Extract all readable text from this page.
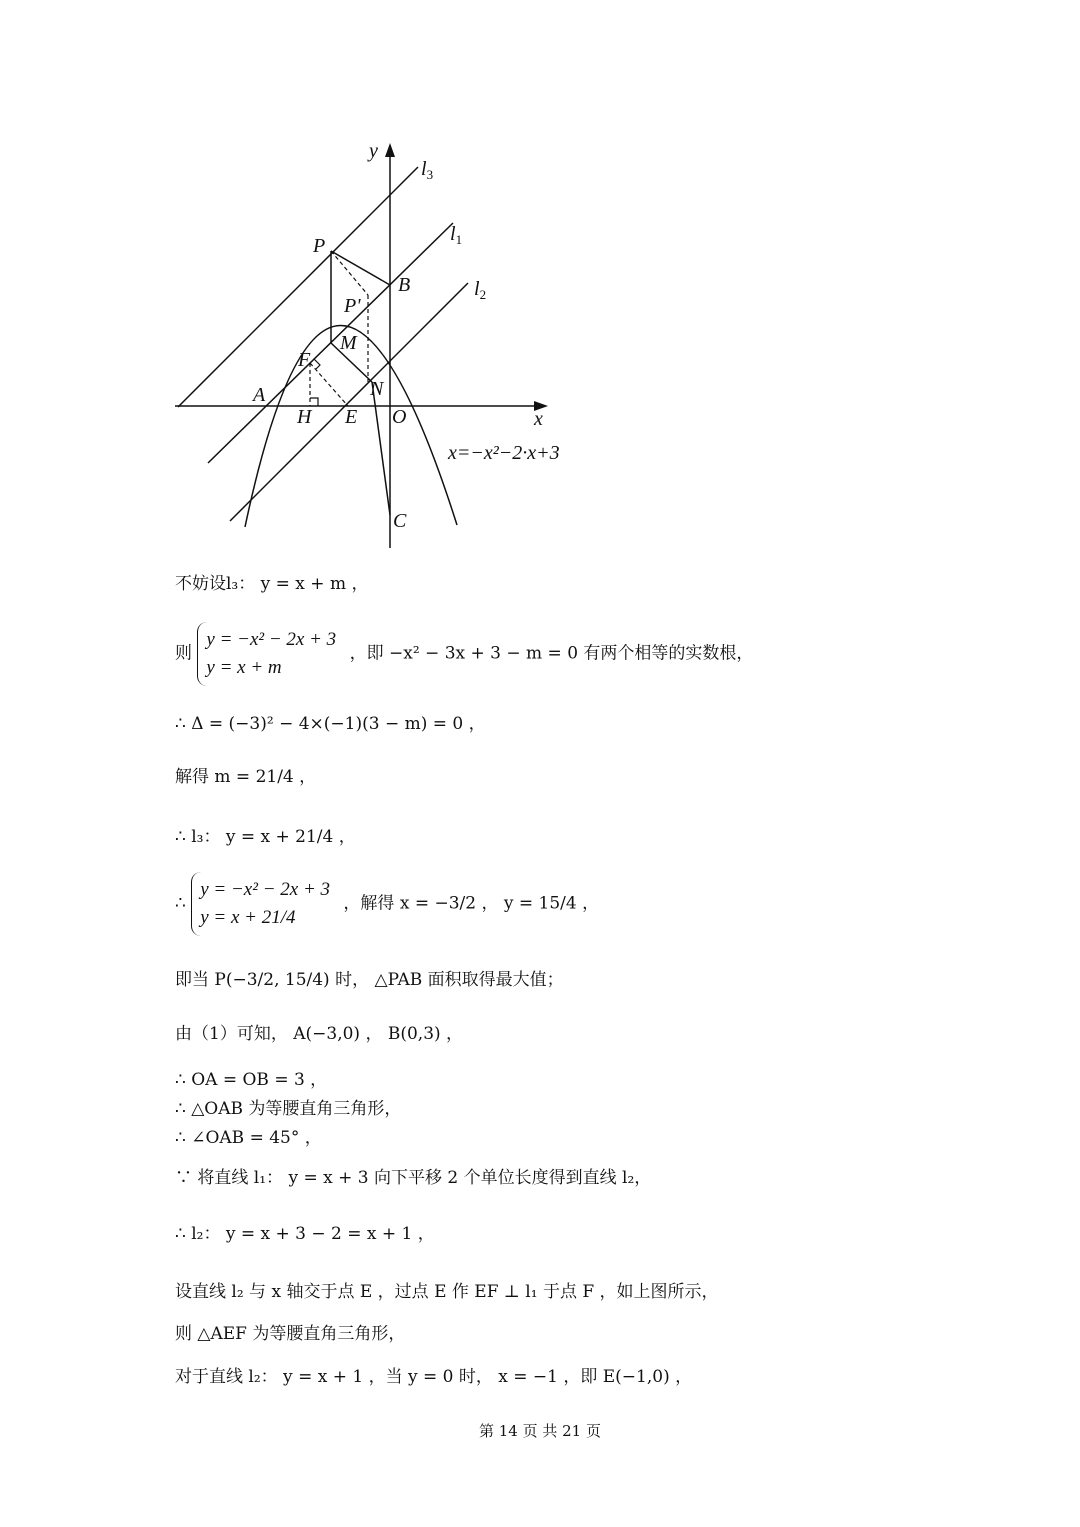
y
x
$l_3$
$l_1$
$l_2$
P
B
P'
M
F
N
A
H E O
C
x=−x²−2·x+3
不妨设l₃： y = x + m ，
则
y = −x² − 2x + 3
y = x + m
，即 −x² − 3x + 3 − m = 0 有两个相等的实数根，
∴ Δ = (−3)² − 4×(−1)(3 − m) = 0 ，
解得 m = 21/4 ，
∴ l₃： y = x + 21/4 ，
∴
y = −x² − 2x + 3
y = x + 21/4
，解得 x = −3/2 ， y = 15/4 ，
即当 P(−3/2, 15/4) 时， △PAB 面积取得最大值；
由（1）可知， A(−3,0) ， B(0,3) ，
∴ OA = OB = 3 ，
∴ △OAB 为等腰直角三角形，
∴ ∠OAB = 45° ，
∵ 将直线 l₁： y = x + 3 向下平移 2 个单位长度得到直线 l₂，
∴ l₂： y = x + 3 − 2 = x + 1 ，
设直线 l₂ 与 x 轴交于点 E ，过点 E 作 EF ⊥ l₁ 于点 F ，如上图所示，
则 △AEF 为等腰直角三角形，
对于直线 l₂： y = x + 1 ，当 y = 0 时， x = −1 ，即 E(−1,0) ，
第 14 页 共 21 页
